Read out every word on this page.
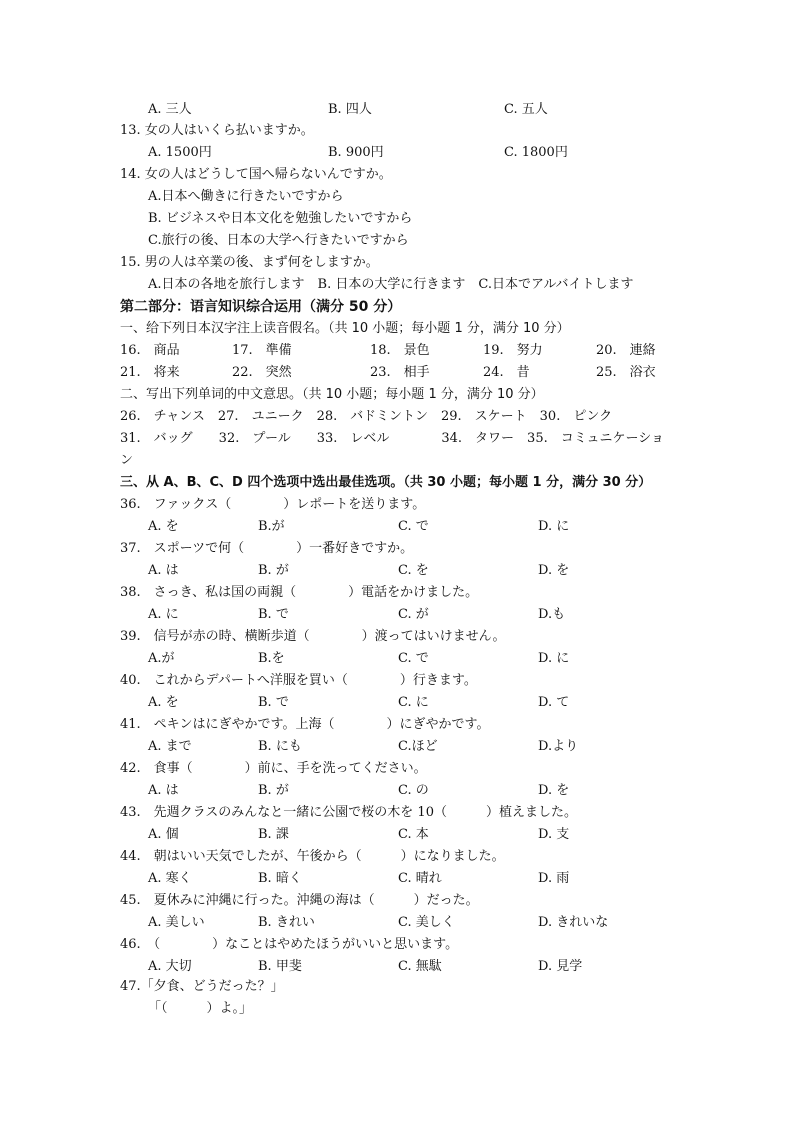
A. 三人	B. 四人	C. 五人
13. 女の人はいくら払いますか。
A. 1500円	B. 900円	C. 1800円
14. 女の人はどうして国へ帰らないんですか。
A.日本へ働きに行きたいですから
B. ビジネスや日本文化を勉強したいですから
C.旅行の後、日本の大学へ行きたいですから
15. 男の人は卒業の後、まず何をしますか。
A.日本の各地を旅行します　B. 日本の大学に行きます　C.日本でアルバイトします
第二部分：语言知识综合运用（满分 50 分）
一、给下列日本汉字注上读音假名。（共 10 小题；每小题 1 分，满分 10 分）
16.　商品	17.　準備	18.　景色	19.　努力	20.　連絡
21.　将来	22.　突然	23.　相手	24.　昔	25.　浴衣
二、写出下列单词的中文意思。（共 10 小题；每小题 1 分，满分 10 分）
26.　チャンス　27.　ユニーク　28.　バドミントン　29.　スケート　30.　ピンク
31.　バッグ　　32.　プール　　33.　レベル　　　　34.　タワー　35.　コミュニケーショ
ン
三、从 A、B、C、D 四个选项中选出最佳选项。（共 30 小题；每小题 1 分，满分 30 分）
36.　ファックス（　　　　）レポートを送ります。
A. を	B.が	C. で	D. に
37.　スポーツで何（　　　　）一番好きですか。
A. は	B. が	C. を	D. を
38.　さっき、私は国の両親（　　　　）電話をかけました。
A. に	B. で	C. が	D.も
39.　信号が赤の時、横断歩道（　　　　）渡ってはいけません。
A.が	B.を	C. で	D. に
40.　これからデパートへ洋服を買い（　　　　）行きます。
A. を	B. で	C. に	D. て
41.　ペキンはにぎやかです。上海（　　　　）にぎやかです。
A. まで	B. にも	C.ほど	D.より
42.　食事（　　　　）前に、手を洗ってください。
A. は	B. が	C. の	D. を
43.　先週クラスのみんなと一緒に公園で桜の木を 10（　　　）植えました。
A. 個	B. 課	C. 本	D. 支
44.　朝はいい天気でしたが、午後から（　　　）になりました。
A. 寒く	B. 暗く	C. 晴れ	D. 雨
45.　夏休みに沖縄に行った。沖縄の海は（　　　）だった。
A. 美しい	B. きれい	C. 美しく	D. きれいな
46.　（　　　　）なことはやめたほうがいいと思います。
A. 大切	B. 甲斐	C. 無駄	D. 見学
47.「夕食、どうだった？」
「（　　　）よ。」
